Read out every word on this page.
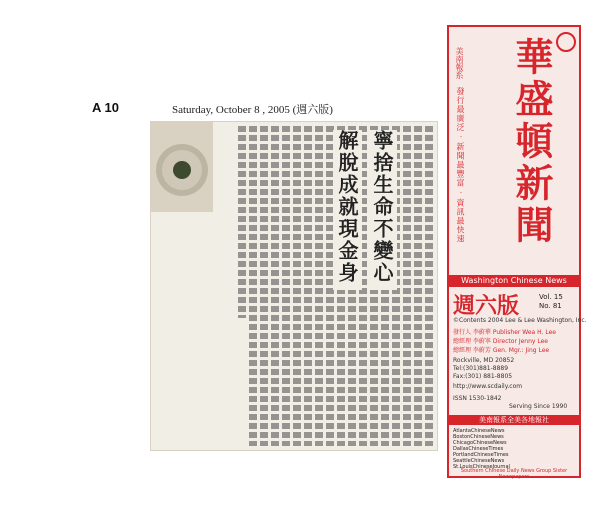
A 10	Saturday, October 8 , 2005 (週六版)
寧捨生命不變心
解脫成就現金身
美南報系
發行最廣泛 · 新聞最豐富 · 資訊最快速	華盛頓新聞
Washington Chinese News
週六版	Vol. 15
No. 81
©Contents 2004 Lee & Lee Washington, Inc.
發行人 李蔚華 Publisher Wea H. Lee
總經理 李蔚寧 Director Jenny Lee
總經理 李蔚芳 Gen. Mgr.: Jing Lee
Rockville, MD 20852
Tel:(301)881-8889
Fax:(301) 881-8805
http://www.scdaily.com
ISSN 1530-1842
Serving Since 1990
美南報系全美各地報社
AtlantaChineseNews
BostonChineseNews
ChicagoChineseNews
DallasChineseTimes
PortlandChineseTimes
SeattleChineseNews
St.LouisChineseJournal
Southern Chinese Daily News Group Sister Newspapers
